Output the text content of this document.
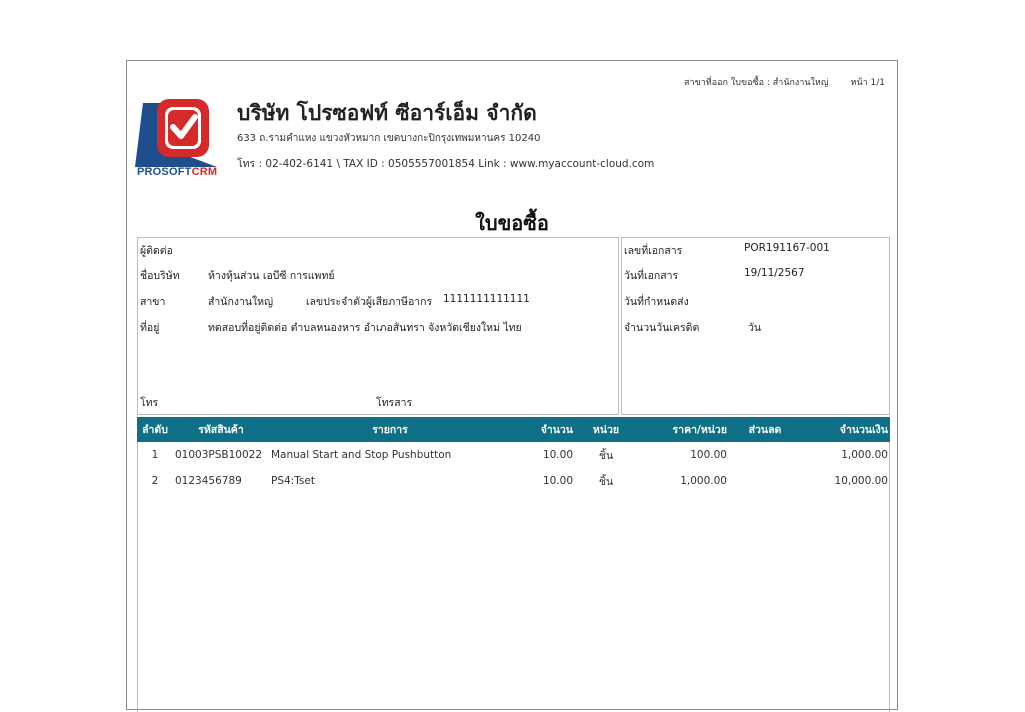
สาขาที่ออก ใบขอซื้อ : สำนักงานใหญ่ หน้า 1/1
PROSOFTCRM
บริษัท โปรซอฟท์ ซีอาร์เอ็ม จำกัด
633 ถ.รามคำแหง แขวงหัวหมาก เขตบางกะปิกรุงเทพมหานคร 10240
โทร : 02-402-6141 \ TAX ID : 0505557001854 Link : www.myaccount-cloud.com
ใบขอซื้อ
ผู้ติดต่อ
ชื่อบริษัท	ห้างหุ้นส่วน เอบีซี การแพทย์
สาขา	สำนักงานใหญ่	เลขประจำตัวผู้เสียภาษีอากร 1111111111111
ที่อยู่	ทดสอบที่อยู่ติดต่อ ตำบลหนองหาร อำเภอสันทรา จังหวัดเชียงใหม่ ไทย
โทร	โทรสาร
เลขที่เอกสาร	POR191167-001
วันที่เอกสาร	19/11/2567
วันที่กำหนดส่ง
จำนวนวันเครดิต	วัน
ลำดับ	รหัสสินค้า	รายการ	จำนวน	หน่วย	ราคา/หน่วย	ส่วนลด	จำนวนเงิน
1	01003PSB10022	Manual Start and Stop Pushbutton	10.00	ชิ้น	100.00		1,000.00
2	0123456789	PS4:Tset	10.00	ชิ้น	1,000.00		10,000.00
